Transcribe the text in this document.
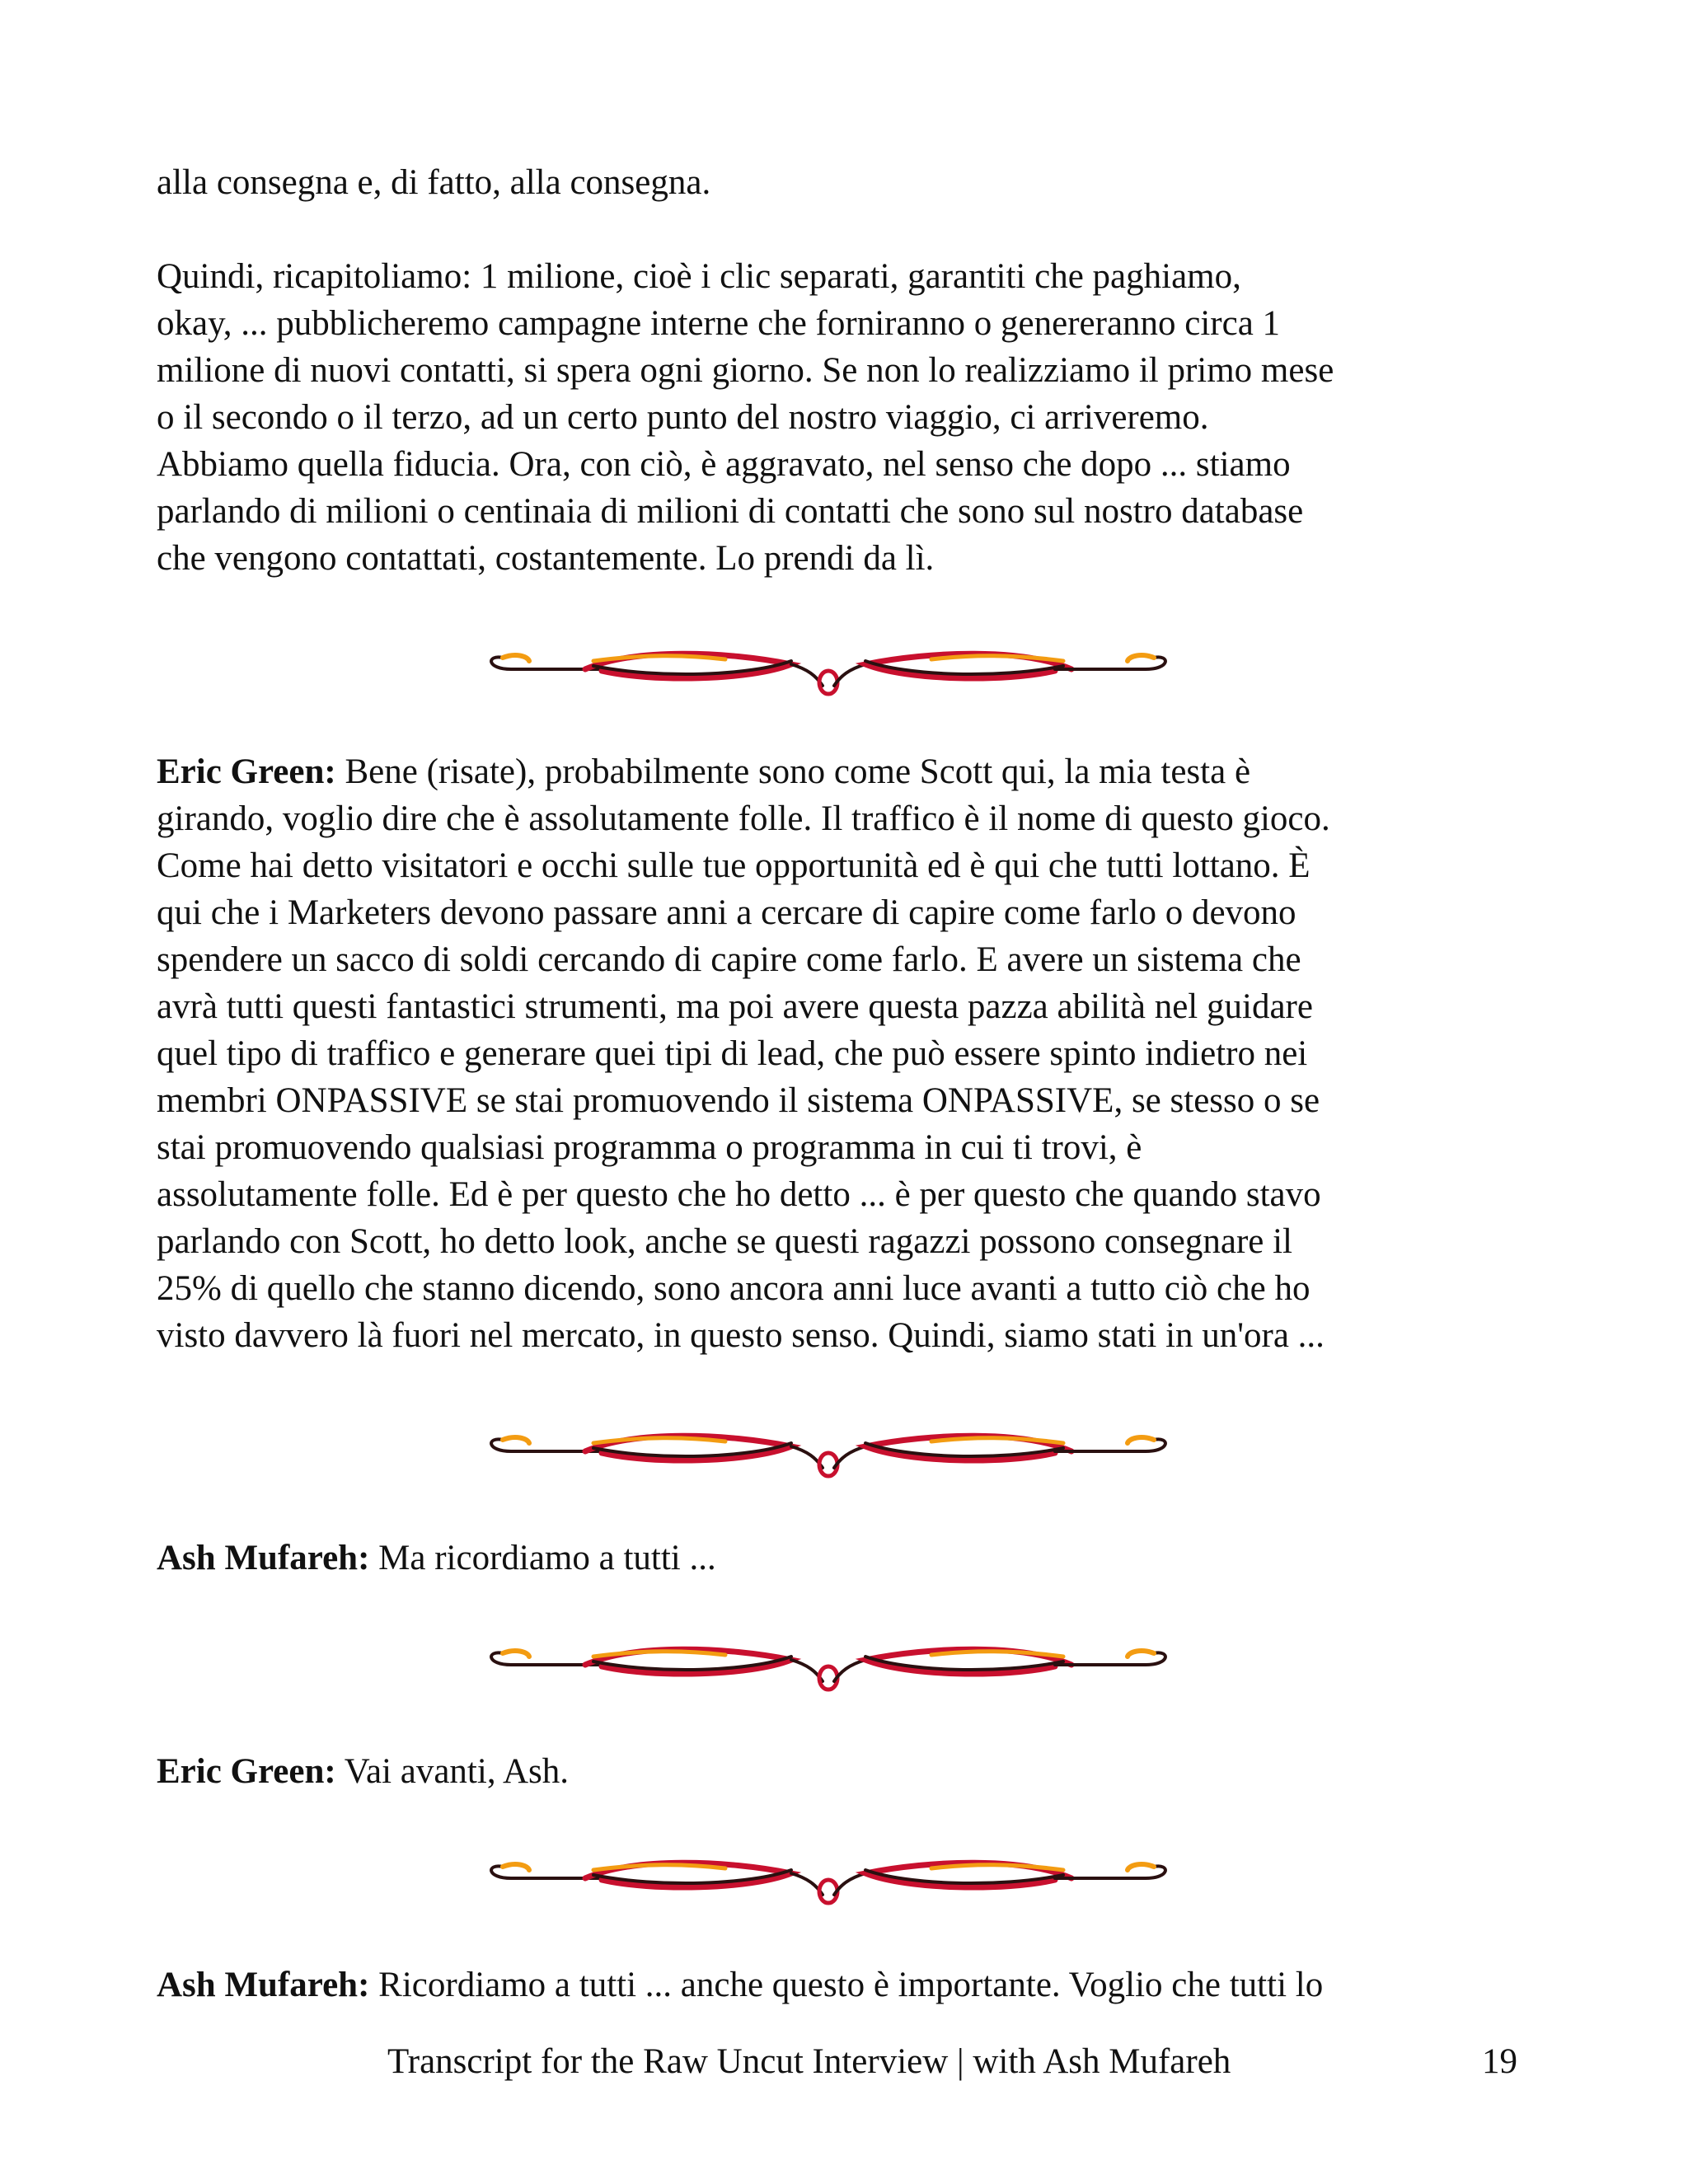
alla consegna e, di fatto, alla consegna.

Quindi, ricapitoliamo: 1 milione, cioè i clic separati, garantiti che paghiamo,
okay, ... pubblicheremo campagne interne che forniranno o genereranno circa 1
milione di nuovi contatti, si spera ogni giorno. Se non lo realizziamo il primo mese
o il secondo o il terzo, ad un certo punto del nostro viaggio, ci arriveremo.
Abbiamo quella fiducia. Ora, con ciò, è aggravato, nel senso che dopo ... stiamo
parlando di milioni o centinaia di milioni di contatti che sono sul nostro database
che vengono contattati, costantemente. Lo prendi da lì.

Eric Green: Bene (risate), probabilmente sono come Scott qui, la mia testa è
girando, voglio dire che è assolutamente folle. Il traffico è il nome di questo gioco.
Come hai detto visitatori e occhi sulle tue opportunità ed è qui che tutti lottano. È
qui che i Marketers devono passare anni a cercare di capire come farlo o devono
spendere un sacco di soldi cercando di capire come farlo. E avere un sistema che
avrà tutti questi fantastici strumenti, ma poi avere questa pazza abilità nel guidare
quel tipo di traffico e generare quei tipi di lead, che può essere spinto indietro nei
membri ONPASSIVE se stai promuovendo il sistema ONPASSIVE, se stesso o se
stai promuovendo qualsiasi programma o programma in cui ti trovi, è
assolutamente folle. Ed è per questo che ho detto ... è per questo che quando stavo
parlando con Scott, ho detto look, anche se questi ragazzi possono consegnare il
25% di quello che stanno dicendo, sono ancora anni luce avanti a tutto ciò che ho
visto davvero là fuori nel mercato, in questo senso. Quindi, siamo stati in un'ora ...

Ash Mufareh: Ma ricordiamo a tutti ...

Eric Green: Vai avanti, Ash.

Ash Mufareh: Ricordiamo a tutti ... anche questo è importante. Voglio che tutti lo

Transcript for the Raw Uncut Interview | with Ash Mufareh	19
